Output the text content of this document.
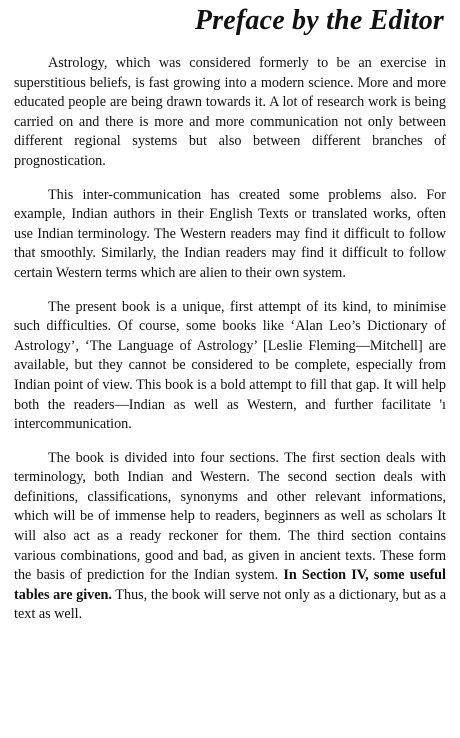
Preface by the Editor

Astrology, which was considered formerly to be an exercise in superstitious beliefs, is fast growing into a modern science. More and more educated people are being drawn towards it. A lot of research work is being carried on and there is more and more communication not only between different regional systems but also between different branches of prognostication.

This inter-communication has created some problems also. For example, Indian authors in their English Texts or translated works, often use Indian terminology. The Western readers may find it difficult to follow that smoothly. Similarly, the Indian readers may find it difficult to follow certain Western terms which are alien to their own system.

The present book is a unique, first attempt of its kind, to minimise such difficulties. Of course, some books like ‘Alan Leo’s Dictionary of Astrology’, ‘The Language of Astrology’ [Leslie Fleming—Mitchell] are available, but they cannot be considered to be complete, especially from Indian point of view. This book is a bold attempt to fill that gap. It will help both the readers—Indian as well as Western, and further facilitate 'ı intercommunication.

The book is divided into four sections. The first section deals with terminology, both Indian and Western. The second section deals with definitions, classifications, synonyms and other relevant informations, which will be of immense help to readers, beginners as well as scholars It will also act as a ready reckoner for them. The third section contains various combinations, good and bad, as given in ancient texts. These form the basis of prediction for the Indian system. In Section IV, some useful tables are given. Thus, the book will serve not only as a dictionary, but as a text as well.
